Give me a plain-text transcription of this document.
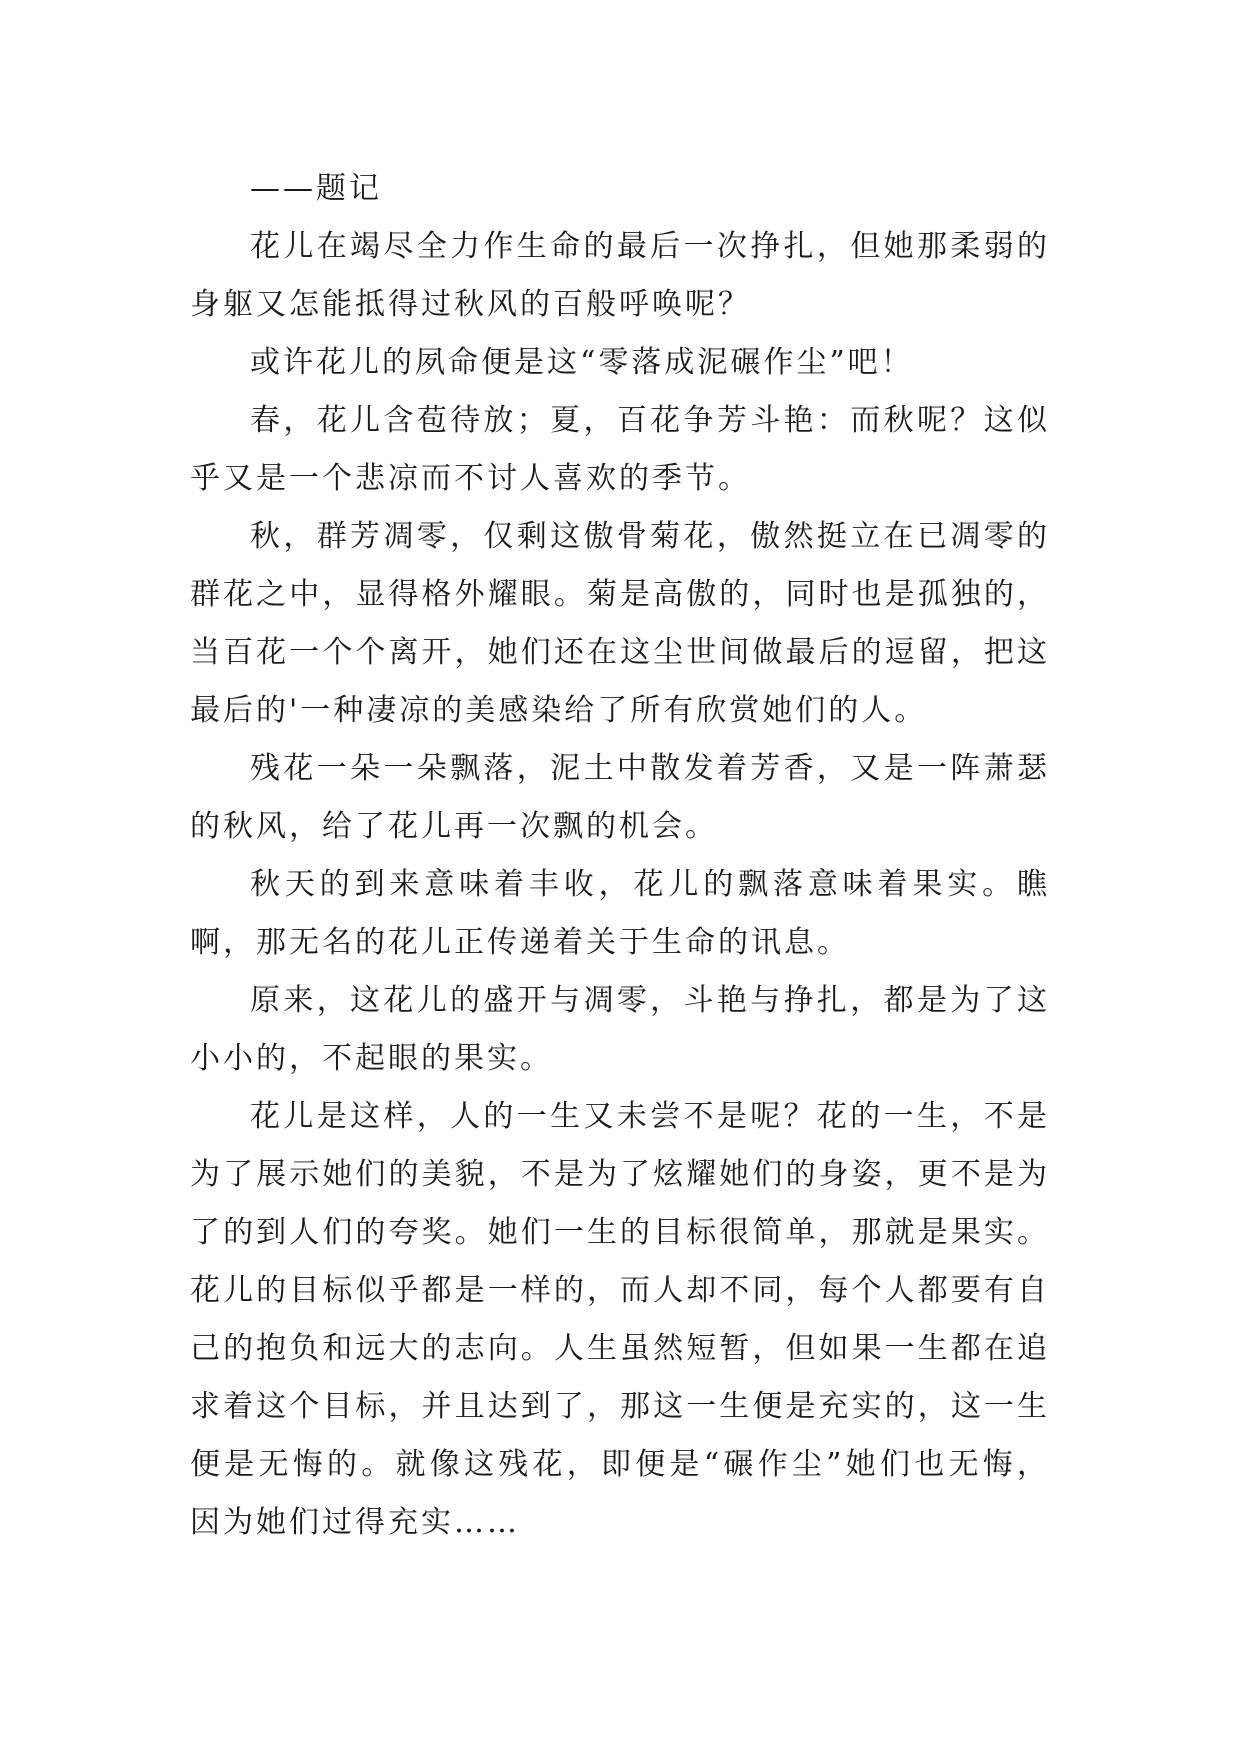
——题记

花儿在竭尽全力作生命的最后一次挣扎，但她那柔弱的身躯又怎能抵得过秋风的百般呼唤呢？

或许花儿的夙命便是这“零落成泥碾作尘”吧！

春，花儿含苞待放；夏，百花争芳斗艳：而秋呢？这似乎又是一个悲凉而不讨人喜欢的季节。

秋，群芳凋零，仅剩这傲骨菊花，傲然挺立在已凋零的群花之中，显得格外耀眼。菊是高傲的，同时也是孤独的，当百花一个个离开，她们还在这尘世间做最后的逗留，把这最后的'一种凄凉的美感染给了所有欣赏她们的人。

残花一朵一朵飘落，泥土中散发着芳香，又是一阵萧瑟的秋风，给了花儿再一次飘的机会。

秋天的到来意味着丰收，花儿的飘落意味着果实。瞧啊，那无名的花儿正传递着关于生命的讯息。

原来，这花儿的盛开与凋零，斗艳与挣扎，都是为了这小小的，不起眼的果实。

花儿是这样，人的一生又未尝不是呢？花的一生，不是为了展示她们的美貌，不是为了炫耀她们的身姿，更不是为了的到人们的夸奖。她们一生的目标很简单，那就是果实。花儿的目标似乎都是一样的，而人却不同，每个人都要有自己的抱负和远大的志向。人生虽然短暂，但如果一生都在追求着这个目标，并且达到了，那这一生便是充实的，这一生便是无悔的。就像这残花，即便是“碾作尘”她们也无悔，因为她们过得充实……
